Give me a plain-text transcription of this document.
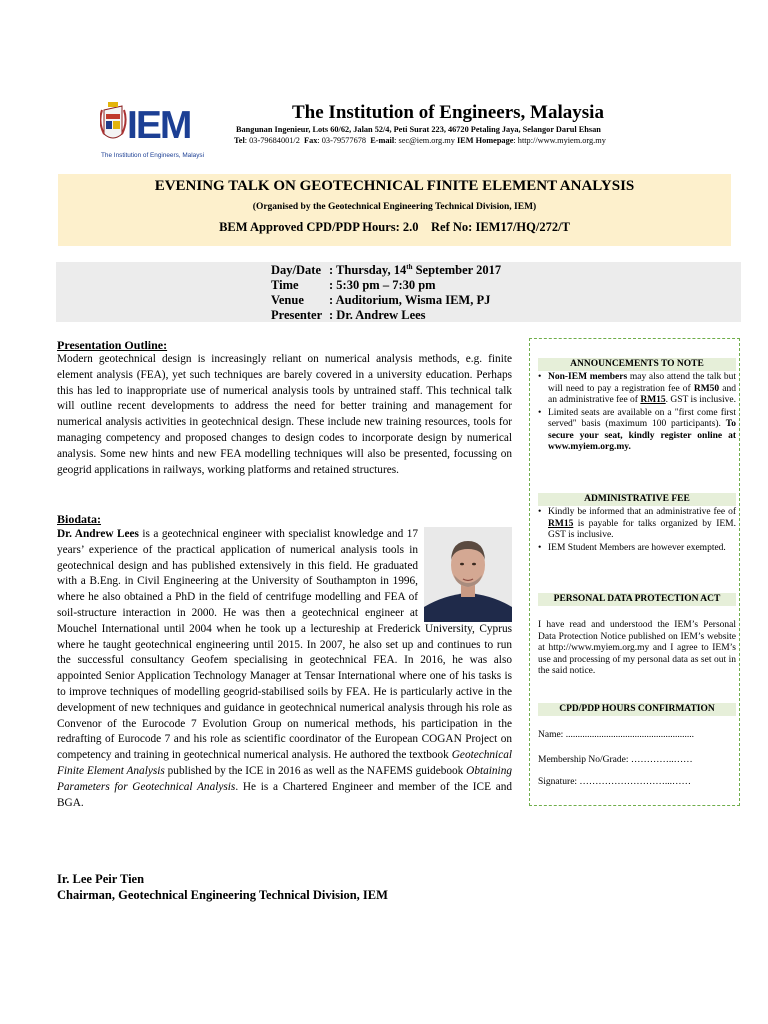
IEM
The Institution of Engineers, Malaysia
The Institution of Engineers, Malaysia
Bangunan Ingenieur, Lots 60/62, Jalan 52/4, Peti Surat 223, 46720 Petaling Jaya, Selangor Darul Ehsan
Tel: 03-79684001/2 Fax: 03-79577678 E-mail: sec@iem.org.my IEM Homepage: http://www.myiem.org.my
EVENING TALK ON GEOTECHNICAL FINITE ELEMENT ANALYSIS
(Organised by the Geotechnical Engineering Technical Division, IEM)
BEM Approved CPD/PDP Hours: 2.0    Ref No: IEM17/HQ/272/T
Day/Date : Thursday, 14th September 2017
Time : 5:30 pm – 7:30 pm
Venue : Auditorium, Wisma IEM, PJ
Presenter : Dr. Andrew Lees
Presentation Outline:
Modern geotechnical design is increasingly reliant on numerical analysis methods, e.g. finite element analysis (FEA), yet such techniques are barely covered in a university education. Perhaps this has led to inappropriate use of numerical analysis tools by untrained staff. This technical talk will outline recent developments to address the need for better training and management for numerical analysis activities in geotechnical design. These include new training resources, tools for managing competency and proposed changes to design codes to incorporate design by numerical analysis. Some new hints and new FEA modelling techniques will also be presented, focussing on geogrid applications in railways, working platforms and retained structures.
Biodata:
Dr. Andrew Lees is a geotechnical engineer with specialist knowledge and 17 years’ experience of the practical application of numerical analysis tools in geotechnical design and has published extensively in this field. He graduated with a B.Eng. in Civil Engineering at the University of Southampton in 1996, where he also obtained a PhD in the field of centrifuge modelling and FEA of soil-structure interaction in 2000. He was then a geotechnical engineer at Mouchel International until 2004 when he took up a lectureship at Frederick University, Cyprus where he taught geotechnical engineering until 2015. In 2007, he also set up and continues to run the successful consultancy Geofem specialising in geotechnical FEA. In 2016, he was also appointed Senior Application Technology Manager at Tensar International where one of his tasks is to improve techniques of modelling geogrid-stabilised soils by FEA. He is particularly active in the development of new techniques and guidance in geotechnical numerical analysis through his role as Convenor of the Eurocode 7 Evolution Group on numerical methods, his participation in the redrafting of Eurocode 7 and his role as scientific coordinator of the European COGAN Project on competency and training in geotechnical numerical analysis. He authored the textbook Geotechnical Finite Element Analysis published by the ICE in 2016 as well as the NAFEMS guidebook Obtaining Parameters for Geotechnical Analysis. He is a Chartered Engineer and member of the ICE and BGA.
Ir. Lee Peir Tien
Chairman, Geotechnical Engineering Technical Division, IEM
ANNOUNCEMENTS TO NOTE
• Non-IEM members may also attend the talk but will need to pay a registration fee of RM50 and an administrative fee of RM15. GST is inclusive.
• Limited seats are available on a "first come first served" basis (maximum 100 participants). To secure your seat, kindly register online at www.myiem.org.my.
ADMINISTRATIVE FEE
• Kindly be informed that an administrative fee of RM15 is payable for talks organized by IEM. GST is inclusive.
• IEM Student Members are however exempted.
PERSONAL DATA PROTECTION ACT
I have read and understood the IEM’s Personal Data Protection Notice published on IEM’s website at http://www.myiem.org.my and I agree to IEM’s use and processing of my personal data as set out in the said notice.
CPD/PDP HOURS CONFIRMATION
Name: ......................................................
Membership No/Grade: …………..……
Signature: ………………………...……
